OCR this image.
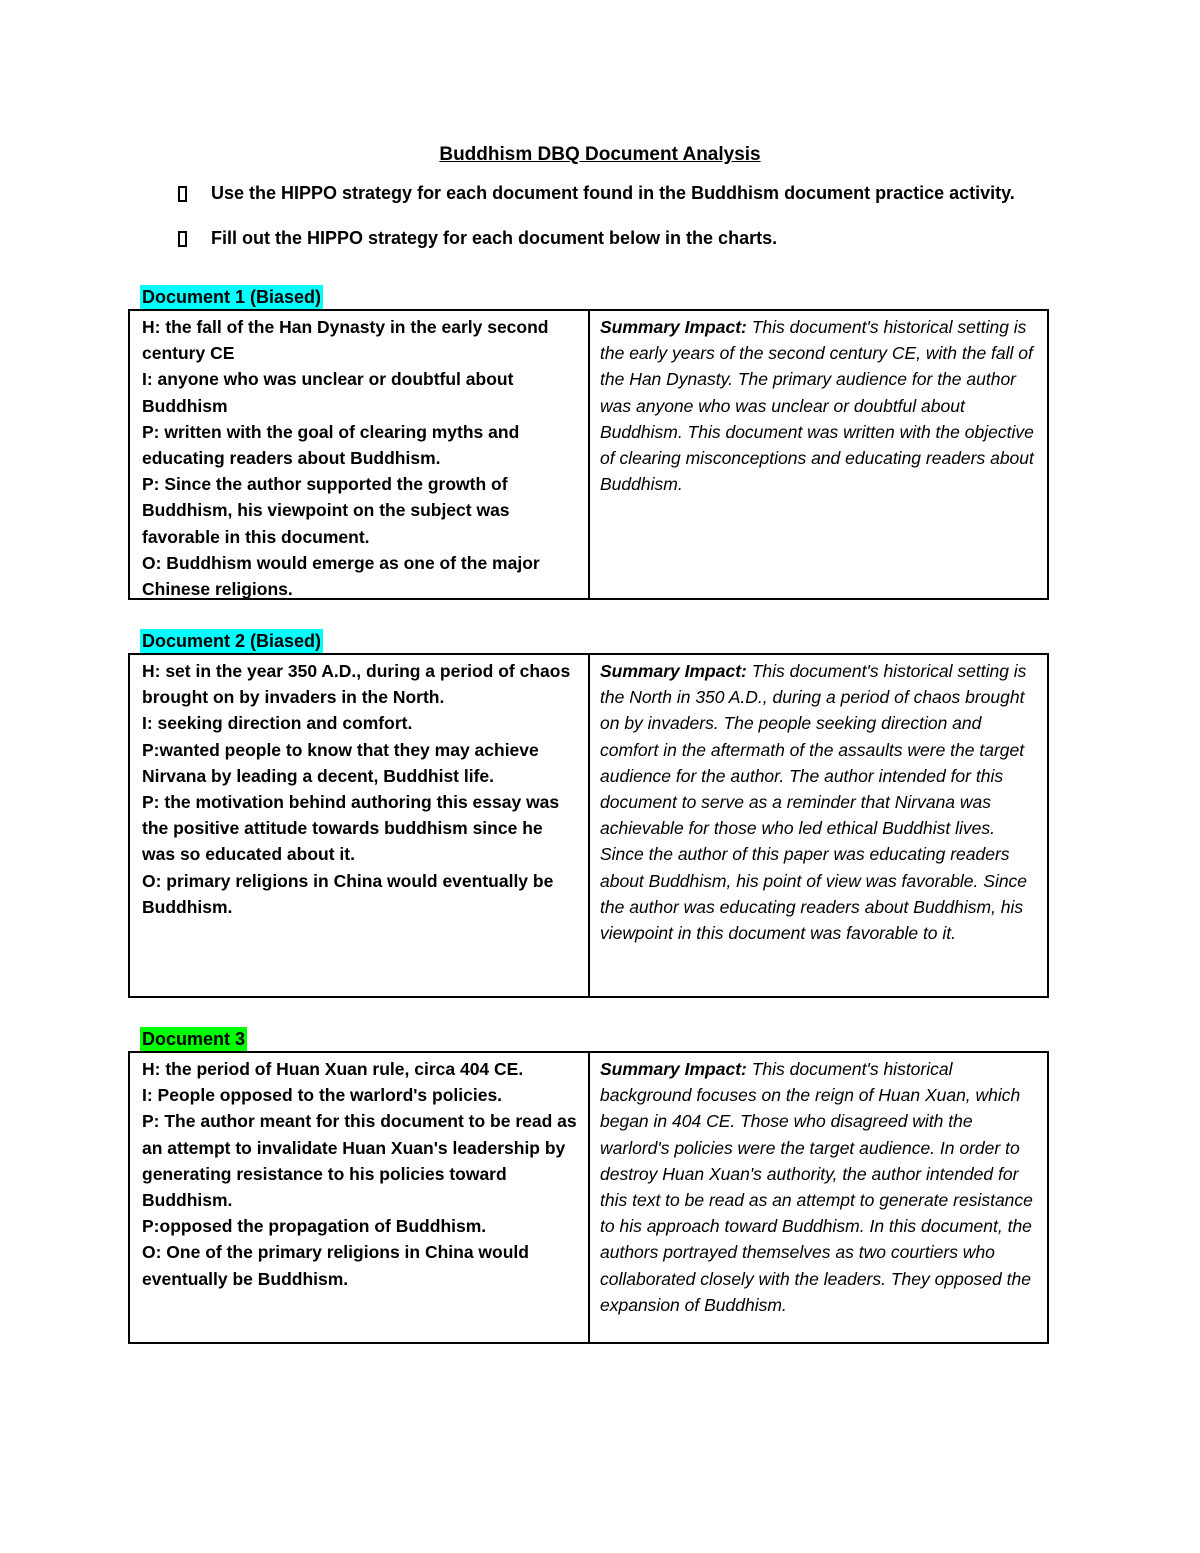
Buddhism DBQ Document Analysis
Use the HIPPO strategy for each document found in the Buddhism document practice activity.
Fill out the HIPPO strategy for each document below in the charts.
Document 1 (Biased)
H: the fall of the Han Dynasty in the early second century CE
I: anyone who was unclear or doubtful about Buddhism
P: written with the goal of clearing myths and educating readers about Buddhism.
P: Since the author supported the growth of Buddhism, his viewpoint on the subject was favorable in this document.
O: Buddhism would emerge as one of the major Chinese religions.
Summary Impact: This document's historical setting is the early years of the second century CE, with the fall of the Han Dynasty. The primary audience for the author was anyone who was unclear or doubtful about Buddhism. This document was written with the objective of clearing misconceptions and educating readers about Buddhism.
Document 2 (Biased)
H: set in the year 350 A.D., during a period of chaos brought on by invaders in the North.
I: seeking direction and comfort.
P:wanted people to know that they may achieve Nirvana by leading a decent, Buddhist life.
P: the motivation behind authoring this essay was the positive attitude towards buddhism since he was so educated about it.
O: primary religions in China would eventually be Buddhism.
Summary Impact: This document's historical setting is the North in 350 A.D., during a period of chaos brought on by invaders. The people seeking direction and comfort in the aftermath of the assaults were the target audience for the author. The author intended for this document to serve as a reminder that Nirvana was achievable for those who led ethical Buddhist lives. Since the author of this paper was educating readers about Buddhism, his point of view was favorable. Since the author was educating readers about Buddhism, his viewpoint in this document was favorable to it.
Document 3
H: the period of Huan Xuan rule, circa 404 CE.
I: People opposed to the warlord's policies.
P: The author meant for this document to be read as an attempt to invalidate Huan Xuan's leadership by generating resistance to his policies toward Buddhism.
P:opposed the propagation of Buddhism.
O: One of the primary religions in China would eventually be Buddhism.
Summary Impact: This document's historical background focuses on the reign of Huan Xuan, which began in 404 CE. Those who disagreed with the warlord's policies were the target audience. In order to destroy Huan Xuan's authority, the author intended for this text to be read as an attempt to generate resistance to his approach toward Buddhism. In this document, the authors portrayed themselves as two courtiers who collaborated closely with the leaders. They opposed the expansion of Buddhism.
